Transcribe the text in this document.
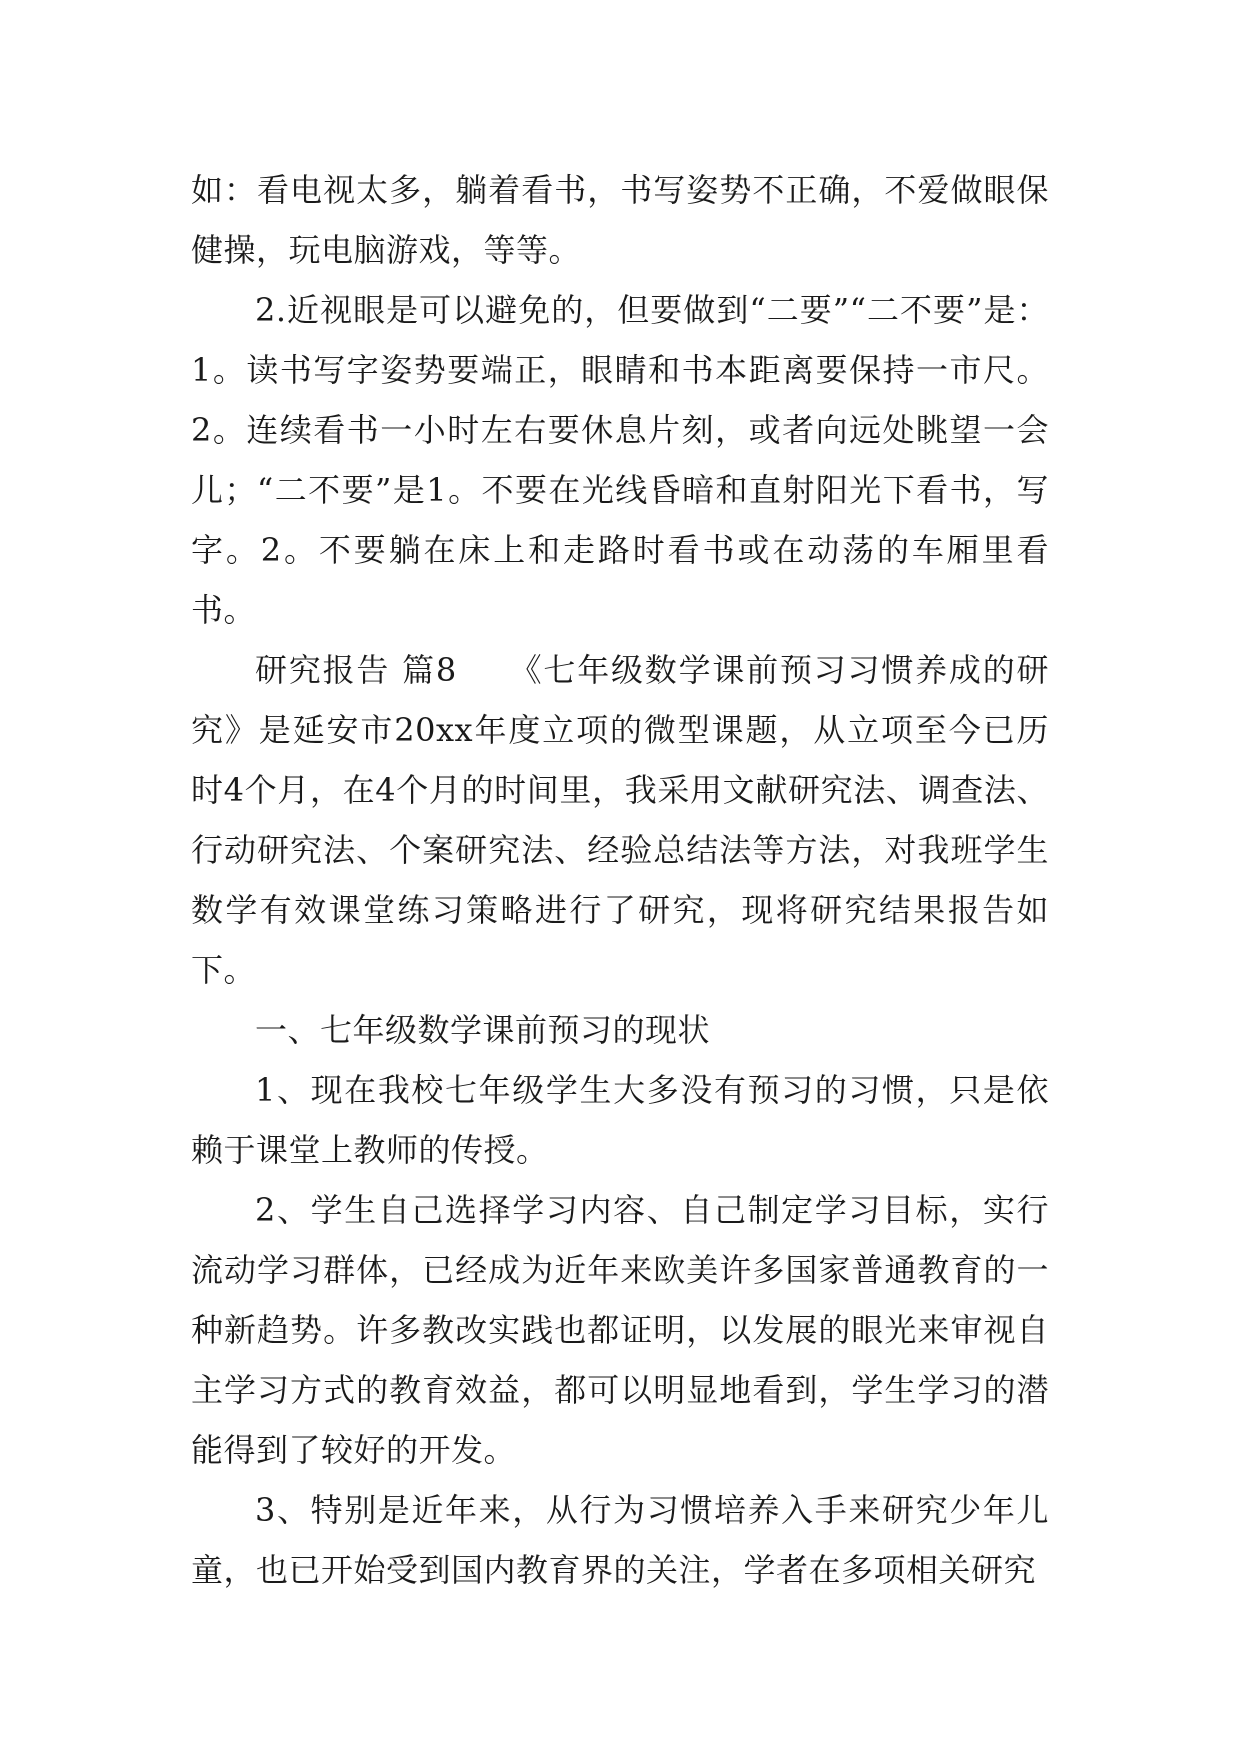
如：看电视太多，躺着看书，书写姿势不正确，不爱做眼保健操，玩电脑游戏，等等。

2.近视眼是可以避免的，但要做到“二要”“二不要”是：1。读书写字姿势要端正，眼睛和书本距离要保持一市尺。2。连续看书一小时左右要休息片刻，或者向远处眺望一会儿；“二不要”是1。不要在光线昏暗和直射阳光下看书，写字。2。不要躺在床上和走路时看书或在动荡的车厢里看书。

研究报告 篇8　　《七年级数学课前预习习惯养成的研究》是延安市20xx年度立项的微型课题，从立项至今已历时4个月，在4个月的时间里，我采用文献研究法、调查法、行动研究法、个案研究法、经验总结法等方法，对我班学生数学有效课堂练习策略进行了研究，现将研究结果报告如下。

一、七年级数学课前预习的现状

1、现在我校七年级学生大多没有预习的习惯，只是依赖于课堂上教师的传授。

2、学生自己选择学习内容、自己制定学习目标，实行流动学习群体，已经成为近年来欧美许多国家普通教育的一种新趋势。许多教改实践也都证明，以发展的眼光来审视自主学习方式的教育效益，都可以明显地看到，学生学习的潜能得到了较好的开发。

3、特别是近年来，从行为习惯培养入手来研究少年儿童，也已开始受到国内教育界的关注，学者在多项相关研究
